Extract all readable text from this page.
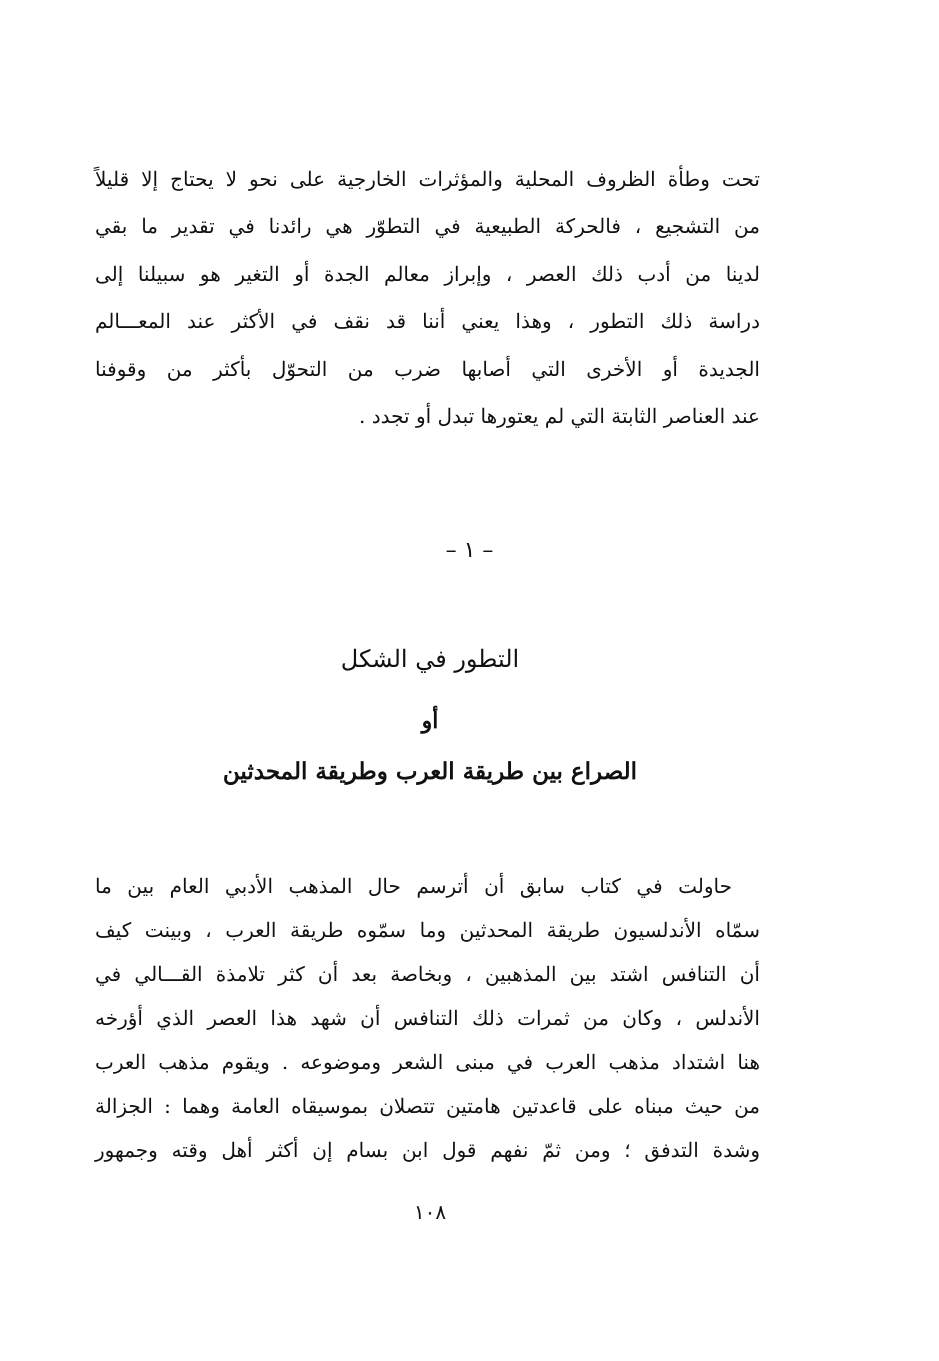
تحت وطأة الظروف المحلية والمؤثرات الخارجية على نحو لا يحتاج إلا قليلاً
من التشجيع ، فالحركة الطبيعية في التطوّر هي رائدنا في تقدير ما بقي
لدينا من أدب ذلك العصر ، وإبراز معالم الجدة أو التغير هو سبيلنا إلى
دراسة ذلك التطور ، وهذا يعني أننا قد نقف في الأكثر عند المعـــالم
الجديدة أو الأخرى التي أصابها ضرب من التحوّل بأكثر من وقوفنا
عند العناصر الثابتة التي لم يعتورها تبدل أو تجدد .
– ١ –
التطور في الشكل
أو
الصراع بين طريقة العرب وطريقة المحدثين
حاولت في كتاب سابق أن أترسم حال المذهب الأدبي العام بين ما
سمّاه الأندلسيون طريقة المحدثين وما سمّوه طريقة العرب ، وبينت كيف
أن التنافس اشتد بين المذهبين ، وبخاصة بعد أن كثر تلامذة القـــالي في
الأندلس ، وكان من ثمرات ذلك التنافس أن شهد هذا العصر الذي أؤرخه
هنا اشتداد مذهب العرب في مبنى الشعر وموضوعه . ويقوم مذهب العرب
من حيث مبناه على قاعدتين هامتين تتصلان بموسيقاه العامة وهما : الجزالة
وشدة التدفق ؛ ومن ثمّ نفهم قول ابن بسام إن أكثر أهل وقته وجمهور
١٠٨
